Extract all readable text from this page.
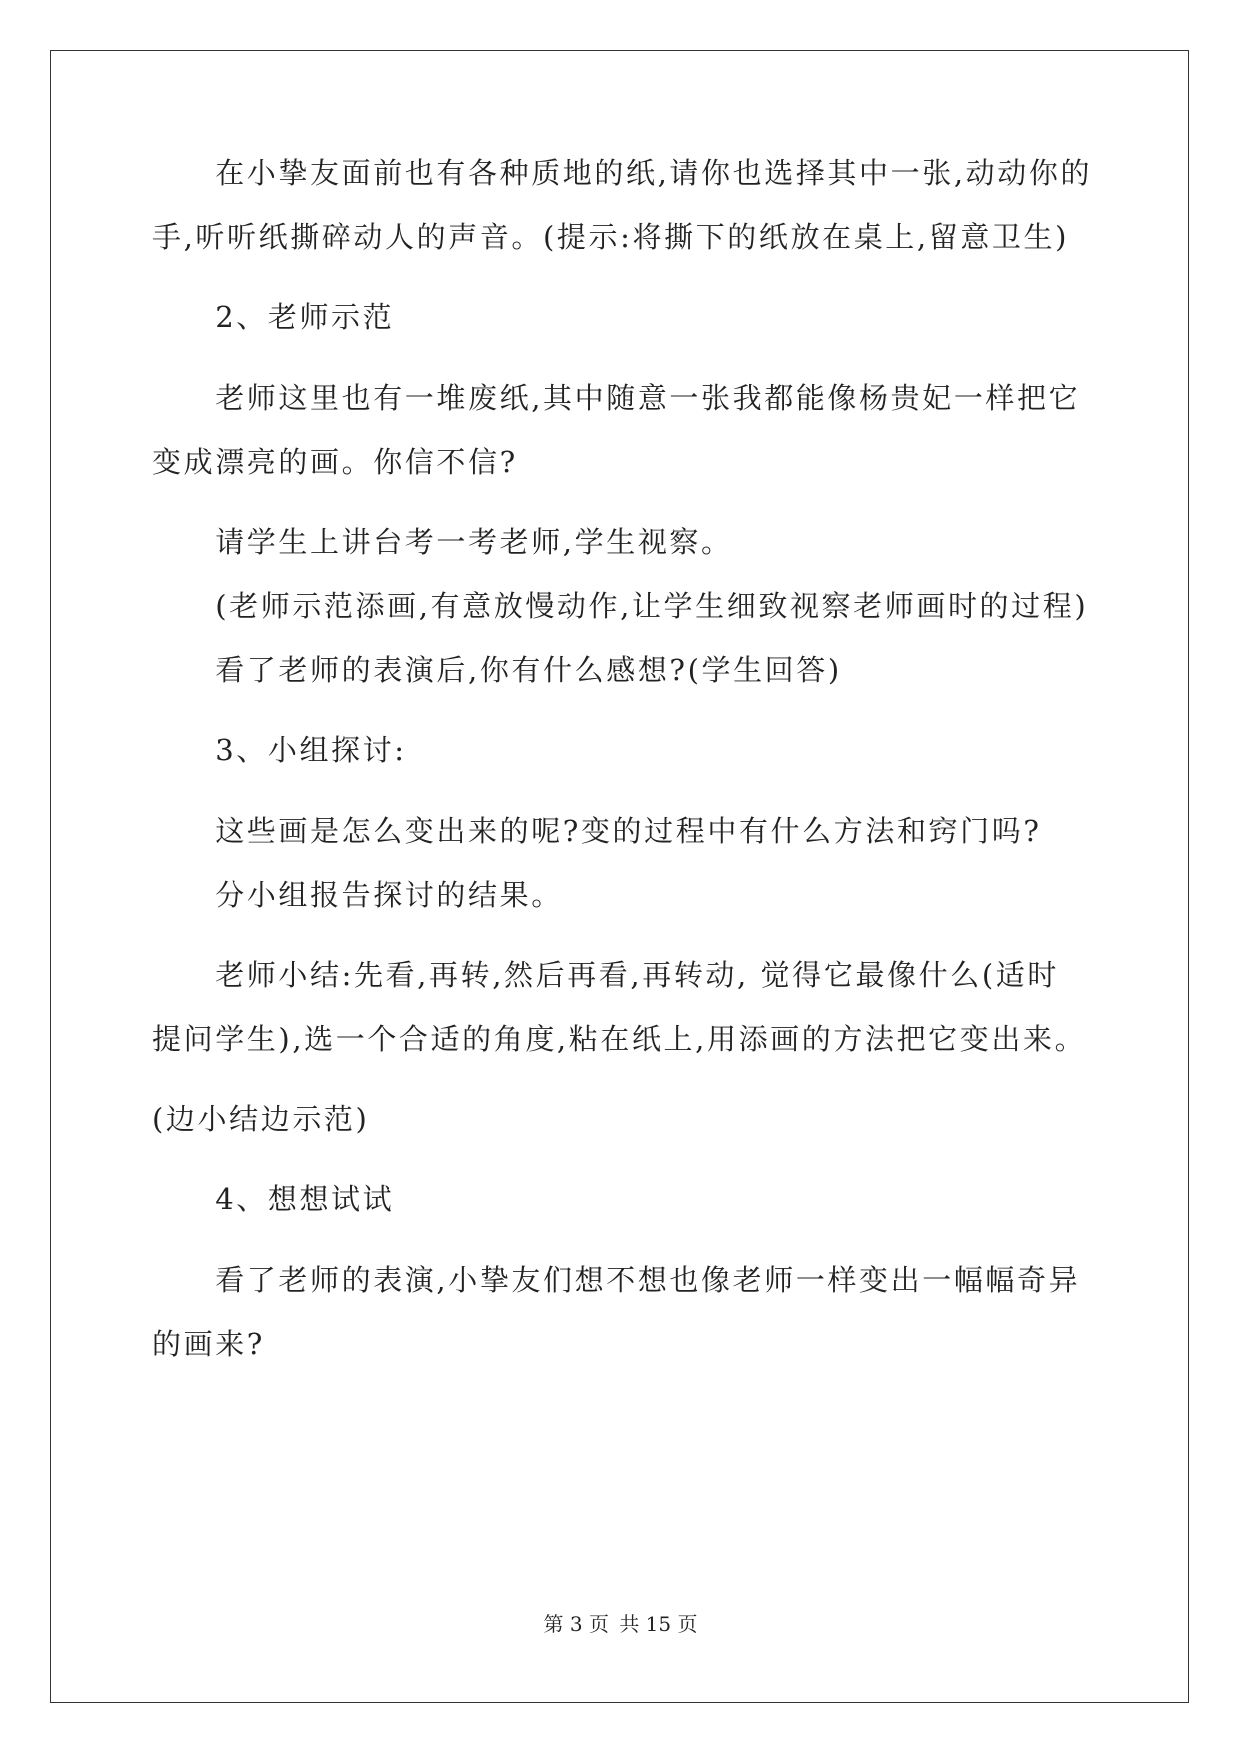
　　在小挚友面前也有各种质地的纸,请你也选择其中一张,动动你的

手,听听纸撕碎动人的声音。(提示:将撕下的纸放在桌上,留意卫生)

　　2、老师示范

　　老师这里也有一堆废纸,其中随意一张我都能像杨贵妃一样把它

变成漂亮的画。你信不信?

　　请学生上讲台考一考老师,学生视察。

　　(老师示范添画,有意放慢动作,让学生细致视察老师画时的过程)

　　看了老师的表演后,你有什么感想?(学生回答)

　　3、小组探讨:

　　这些画是怎么变出来的呢?变的过程中有什么方法和窍门吗?

　　分小组报告探讨的结果。

　　老师小结:先看,再转,然后再看,再转动, 觉得它最像什么(适时

提问学生),选一个合适的角度,粘在纸上,用添画的方法把它变出来。

(边小结边示范)

　　4、想想试试

　　看了老师的表演,小挚友们想不想也像老师一样变出一幅幅奇异

的画来?

第 3 页 共 15 页
